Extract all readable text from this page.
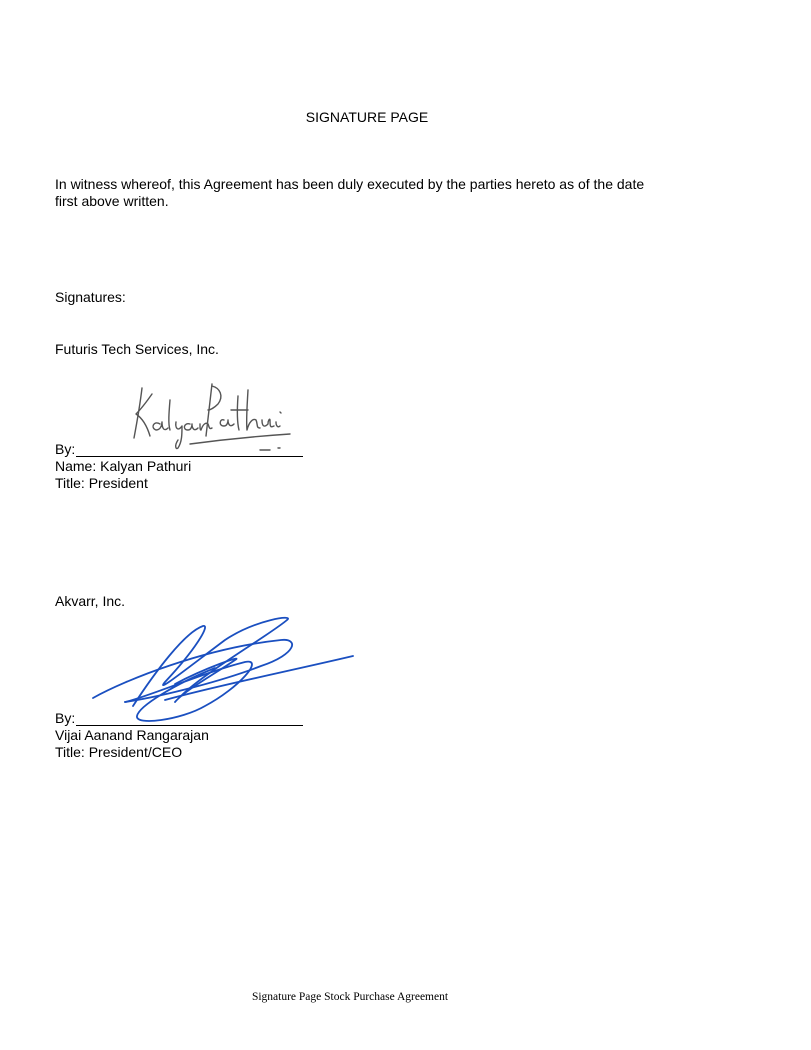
SIGNATURE PAGE
In witness whereof, this Agreement has been duly executed by the parties hereto as of the date first above written.
Signatures:
Futuris Tech Services, Inc.
By:
Name: Kalyan Pathuri
Title: President
Akvarr, Inc.
By:
Vijai Aanand Rangarajan
Title: President/CEO
Signature Page Stock Purchase Agreement
